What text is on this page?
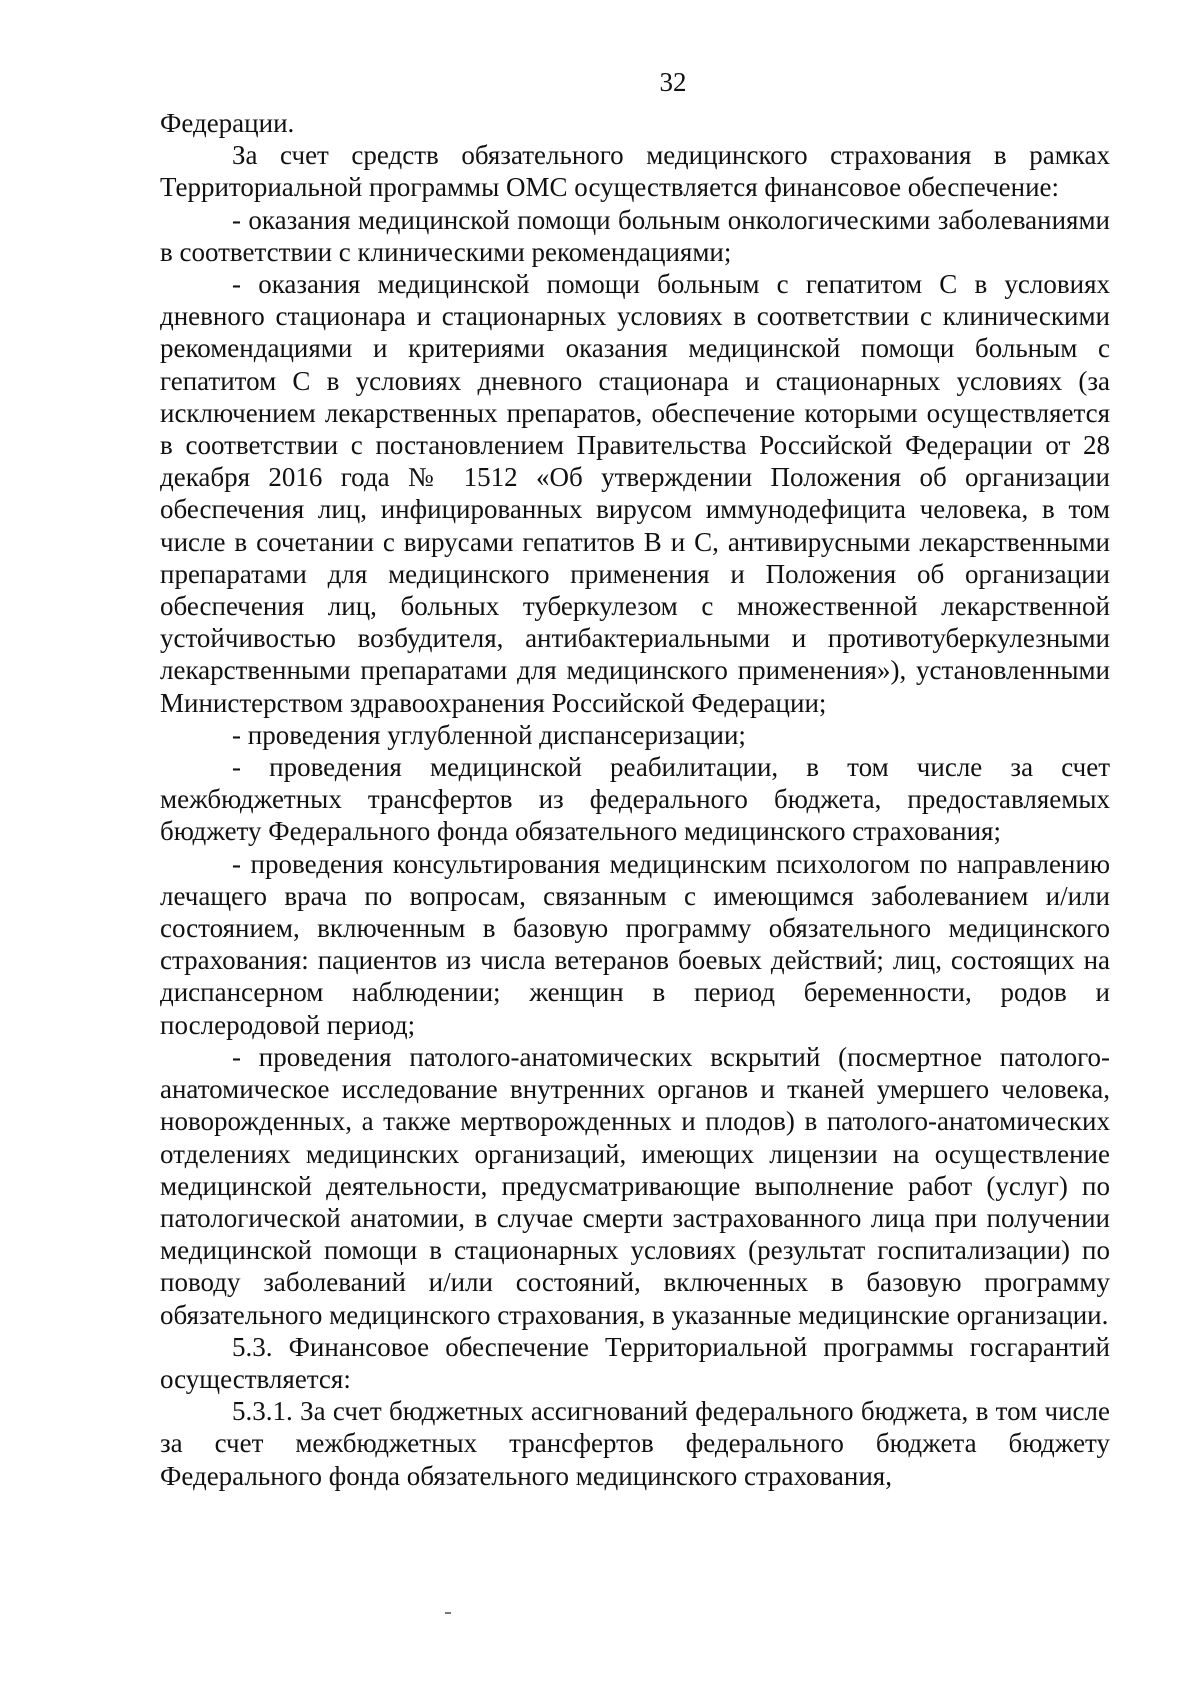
32

Федерации.

За счет средств обязательного медицинского страхования в рамках Территориальной программы ОМС осуществляется финансовое обеспечение:

- оказания медицинской помощи больным онкологическими заболеваниями в соответствии с клиническими рекомендациями;

- оказания медицинской помощи больным с гепатитом С в условиях дневного стационара и стационарных условиях в соответствии с клиническими рекомендациями и критериями оказания медицинской помощи больным с гепатитом С в условиях дневного стационара и стационарных условиях (за исключением лекарственных препаратов, обеспечение которыми осуществляется в соответствии с постановлением Правительства Российской Федерации от 28 декабря 2016 года № 1512 «Об утверждении Положения об организации обеспечения лиц, инфицированных вирусом иммунодефицита человека, в том числе в сочетании с вирусами гепатитов В и С, антивирусными лекарственными препаратами для медицинского применения и Положения об организации обеспечения лиц, больных туберкулезом с множественной лекарственной устойчивостью возбудителя, антибактериальными и противотуберкулезными лекарственными препаратами для медицинского применения»), установленными Министерством здравоохранения Российской Федерации;

- проведения углубленной диспансеризации;

- проведения медицинской реабилитации, в том числе за счет межбюджетных трансфертов из федерального бюджета, предоставляемых бюджету Федерального фонда обязательного медицинского страхования;

- проведения консультирования медицинским психологом по направлению лечащего врача по вопросам, связанным с имеющимся заболеванием и/или состоянием, включенным в базовую программу обязательного медицинского страхования: пациентов из числа ветеранов боевых действий; лиц, состоящих на диспансерном наблюдении; женщин в период беременности, родов и послеродовой период;

- проведения патолого-анатомических вскрытий (посмертное патолого-анатомическое исследование внутренних органов и тканей умершего человека, новорожденных, а также мертворожденных и плодов) в патолого-анатомических отделениях медицинских организаций, имеющих лицензии на осуществление медицинской деятельности, предусматривающие выполнение работ (услуг) по патологической анатомии, в случае смерти застрахованного лица при получении медицинской помощи в стационарных условиях (результат госпитализации) по поводу заболеваний и/или состояний, включенных в базовую программу обязательного медицинского страхования, в указанные медицинские организации.

5.3. Финансовое обеспечение Территориальной программы госгарантий осуществляется:

5.3.1. За счет бюджетных ассигнований федерального бюджета, в том числе за счет межбюджетных трансфертов федерального бюджета бюджету Федерального фонда обязательного медицинского страхования,
